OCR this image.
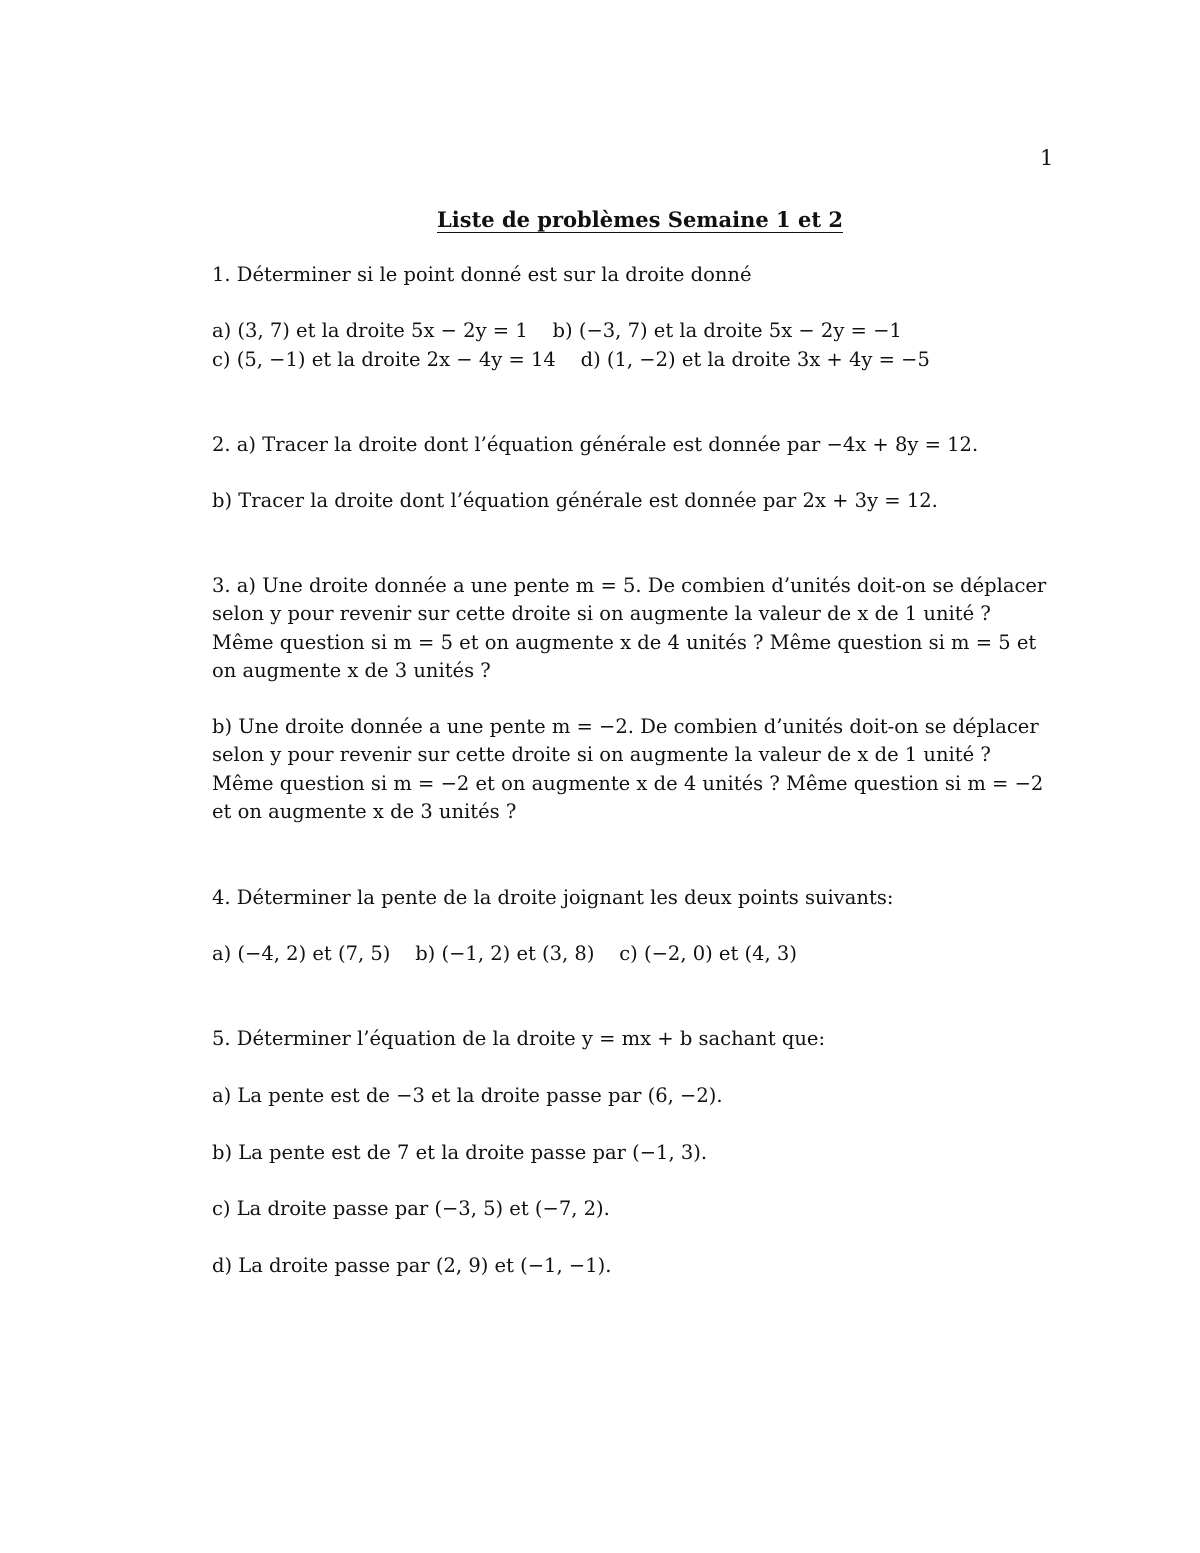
1
Liste de problèmes Semaine 1 et 2
1. Déterminer si le point donné est sur la droite donné
a) (3, 7) et la droite 5x − 2y = 1    b) (−3, 7) et la droite 5x − 2y = −1
c) (5, −1) et la droite 2x − 4y = 14    d) (1, −2) et la droite 3x + 4y = −5
2. a) Tracer la droite dont l’équation générale est donnée par −4x + 8y = 12.
b) Tracer la droite dont l’équation générale est donnée par 2x + 3y = 12.
3. a) Une droite donnée a une pente m = 5. De combien d’unités doit-on se déplacer
selon y pour revenir sur cette droite si on augmente la valeur de x de 1 unité ?
Même question si m = 5 et on augmente x de 4 unités ? Même question si m = 5 et
on augmente x de 3 unités ?
b) Une droite donnée a une pente m = −2. De combien d’unités doit-on se déplacer
selon y pour revenir sur cette droite si on augmente la valeur de x de 1 unité ?
Même question si m = −2 et on augmente x de 4 unités ? Même question si m = −2
et on augmente x de 3 unités ?
4. Déterminer la pente de la droite joignant les deux points suivants:
a) (−4, 2) et (7, 5)    b) (−1, 2) et (3, 8)    c) (−2, 0) et (4, 3)
5. Déterminer l’équation de la droite y = mx + b sachant que:
a) La pente est de −3 et la droite passe par (6, −2).
b) La pente est de 7 et la droite passe par (−1, 3).
c) La droite passe par (−3, 5) et (−7, 2).
d) La droite passe par (2, 9) et (−1, −1).
